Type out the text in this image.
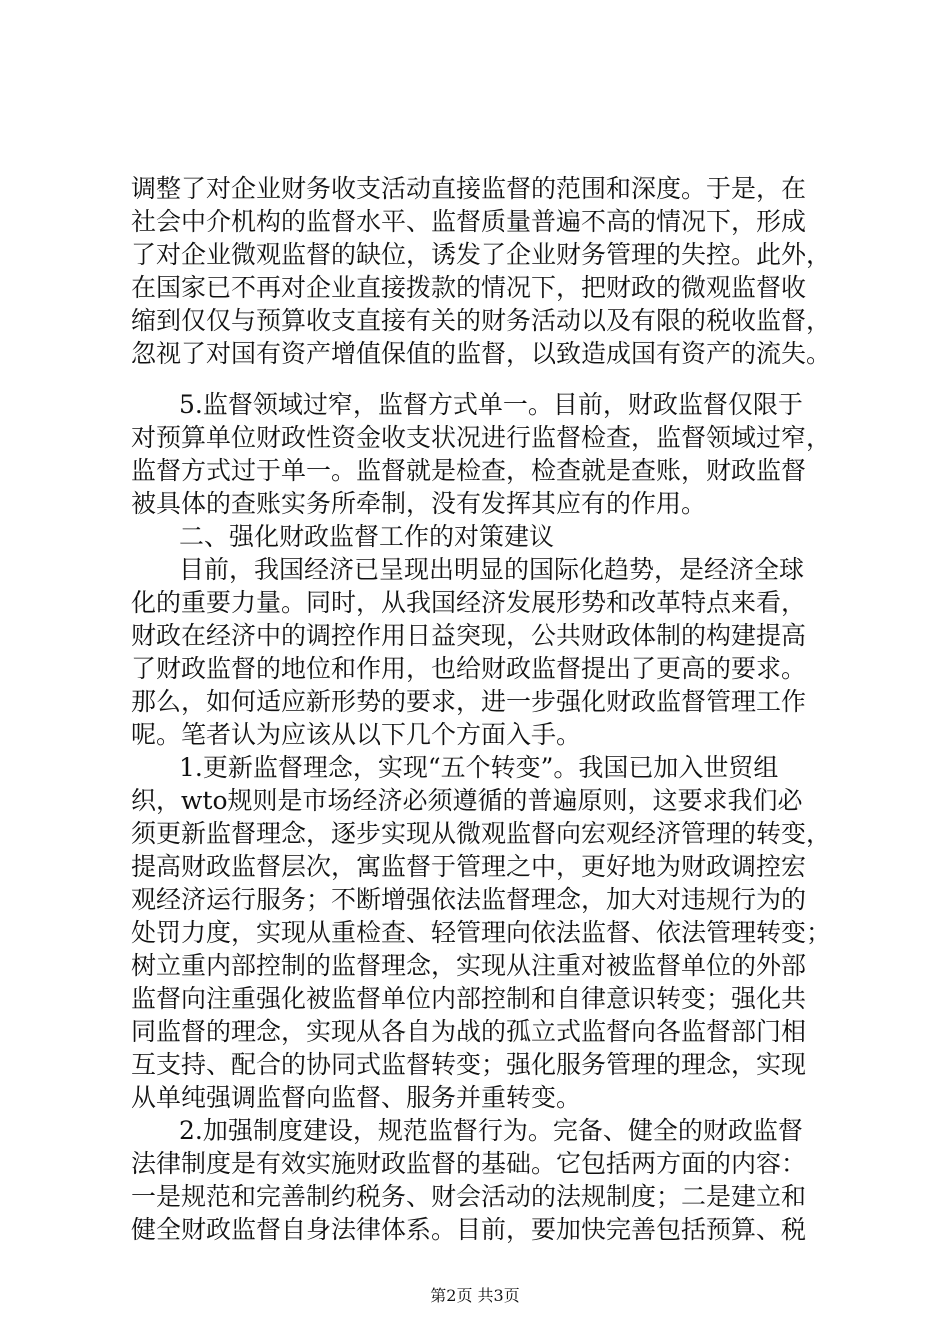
调整了对企业财务收支活动直接监督的范围和深度。于是，在
社会中介机构的监督水平、监督质量普遍不高的情况下，形成
了对企业微观监督的缺位，诱发了企业财务管理的失控。此外，
在国家已不再对企业直接拨款的情况下，把财政的微观监督收
缩到仅仅与预算收支直接有关的财务活动以及有限的税收监督，
忽视了对国有资产增值保值的监督，以致造成国有资产的流失。
5.监督领域过窄，监督方式单一。目前，财政监督仅限于
对预算单位财政性资金收支状况进行监督检查，监督领域过窄，
监督方式过于单一。监督就是检查，检查就是查账，财政监督
被具体的查账实务所牵制，没有发挥其应有的作用。
二、强化财政监督工作的对策建议
目前，我国经济已呈现出明显的国际化趋势，是经济全球
化的重要力量。同时，从我国经济发展形势和改革特点来看，
财政在经济中的调控作用日益突现，公共财政体制的构建提高
了财政监督的地位和作用，也给财政监督提出了更高的要求。
那么，如何适应新形势的要求，进一步强化财政监督管理工作
呢。笔者认为应该从以下几个方面入手。
1.更新监督理念，实现“五个转变”。我国已加入世贸组
织，wto规则是市场经济必须遵循的普遍原则，这要求我们必
须更新监督理念，逐步实现从微观监督向宏观经济管理的转变，
提高财政监督层次，寓监督于管理之中，更好地为财政调控宏
观经济运行服务；不断增强依法监督理念，加大对违规行为的
处罚力度，实现从重检查、轻管理向依法监督、依法管理转变；
树立重内部控制的监督理念，实现从注重对被监督单位的外部
监督向注重强化被监督单位内部控制和自律意识转变；强化共
同监督的理念，实现从各自为战的孤立式监督向各监督部门相
互支持、配合的协同式监督转变；强化服务管理的理念，实现
从单纯强调监督向监督、服务并重转变。
2.加强制度建设，规范监督行为。完备、健全的财政监督
法律制度是有效实施财政监督的基础。它包括两方面的内容：
一是规范和完善制约税务、财会活动的法规制度；二是建立和
健全财政监督自身法律体系。目前，要加快完善包括预算、税
第2页 共3页
